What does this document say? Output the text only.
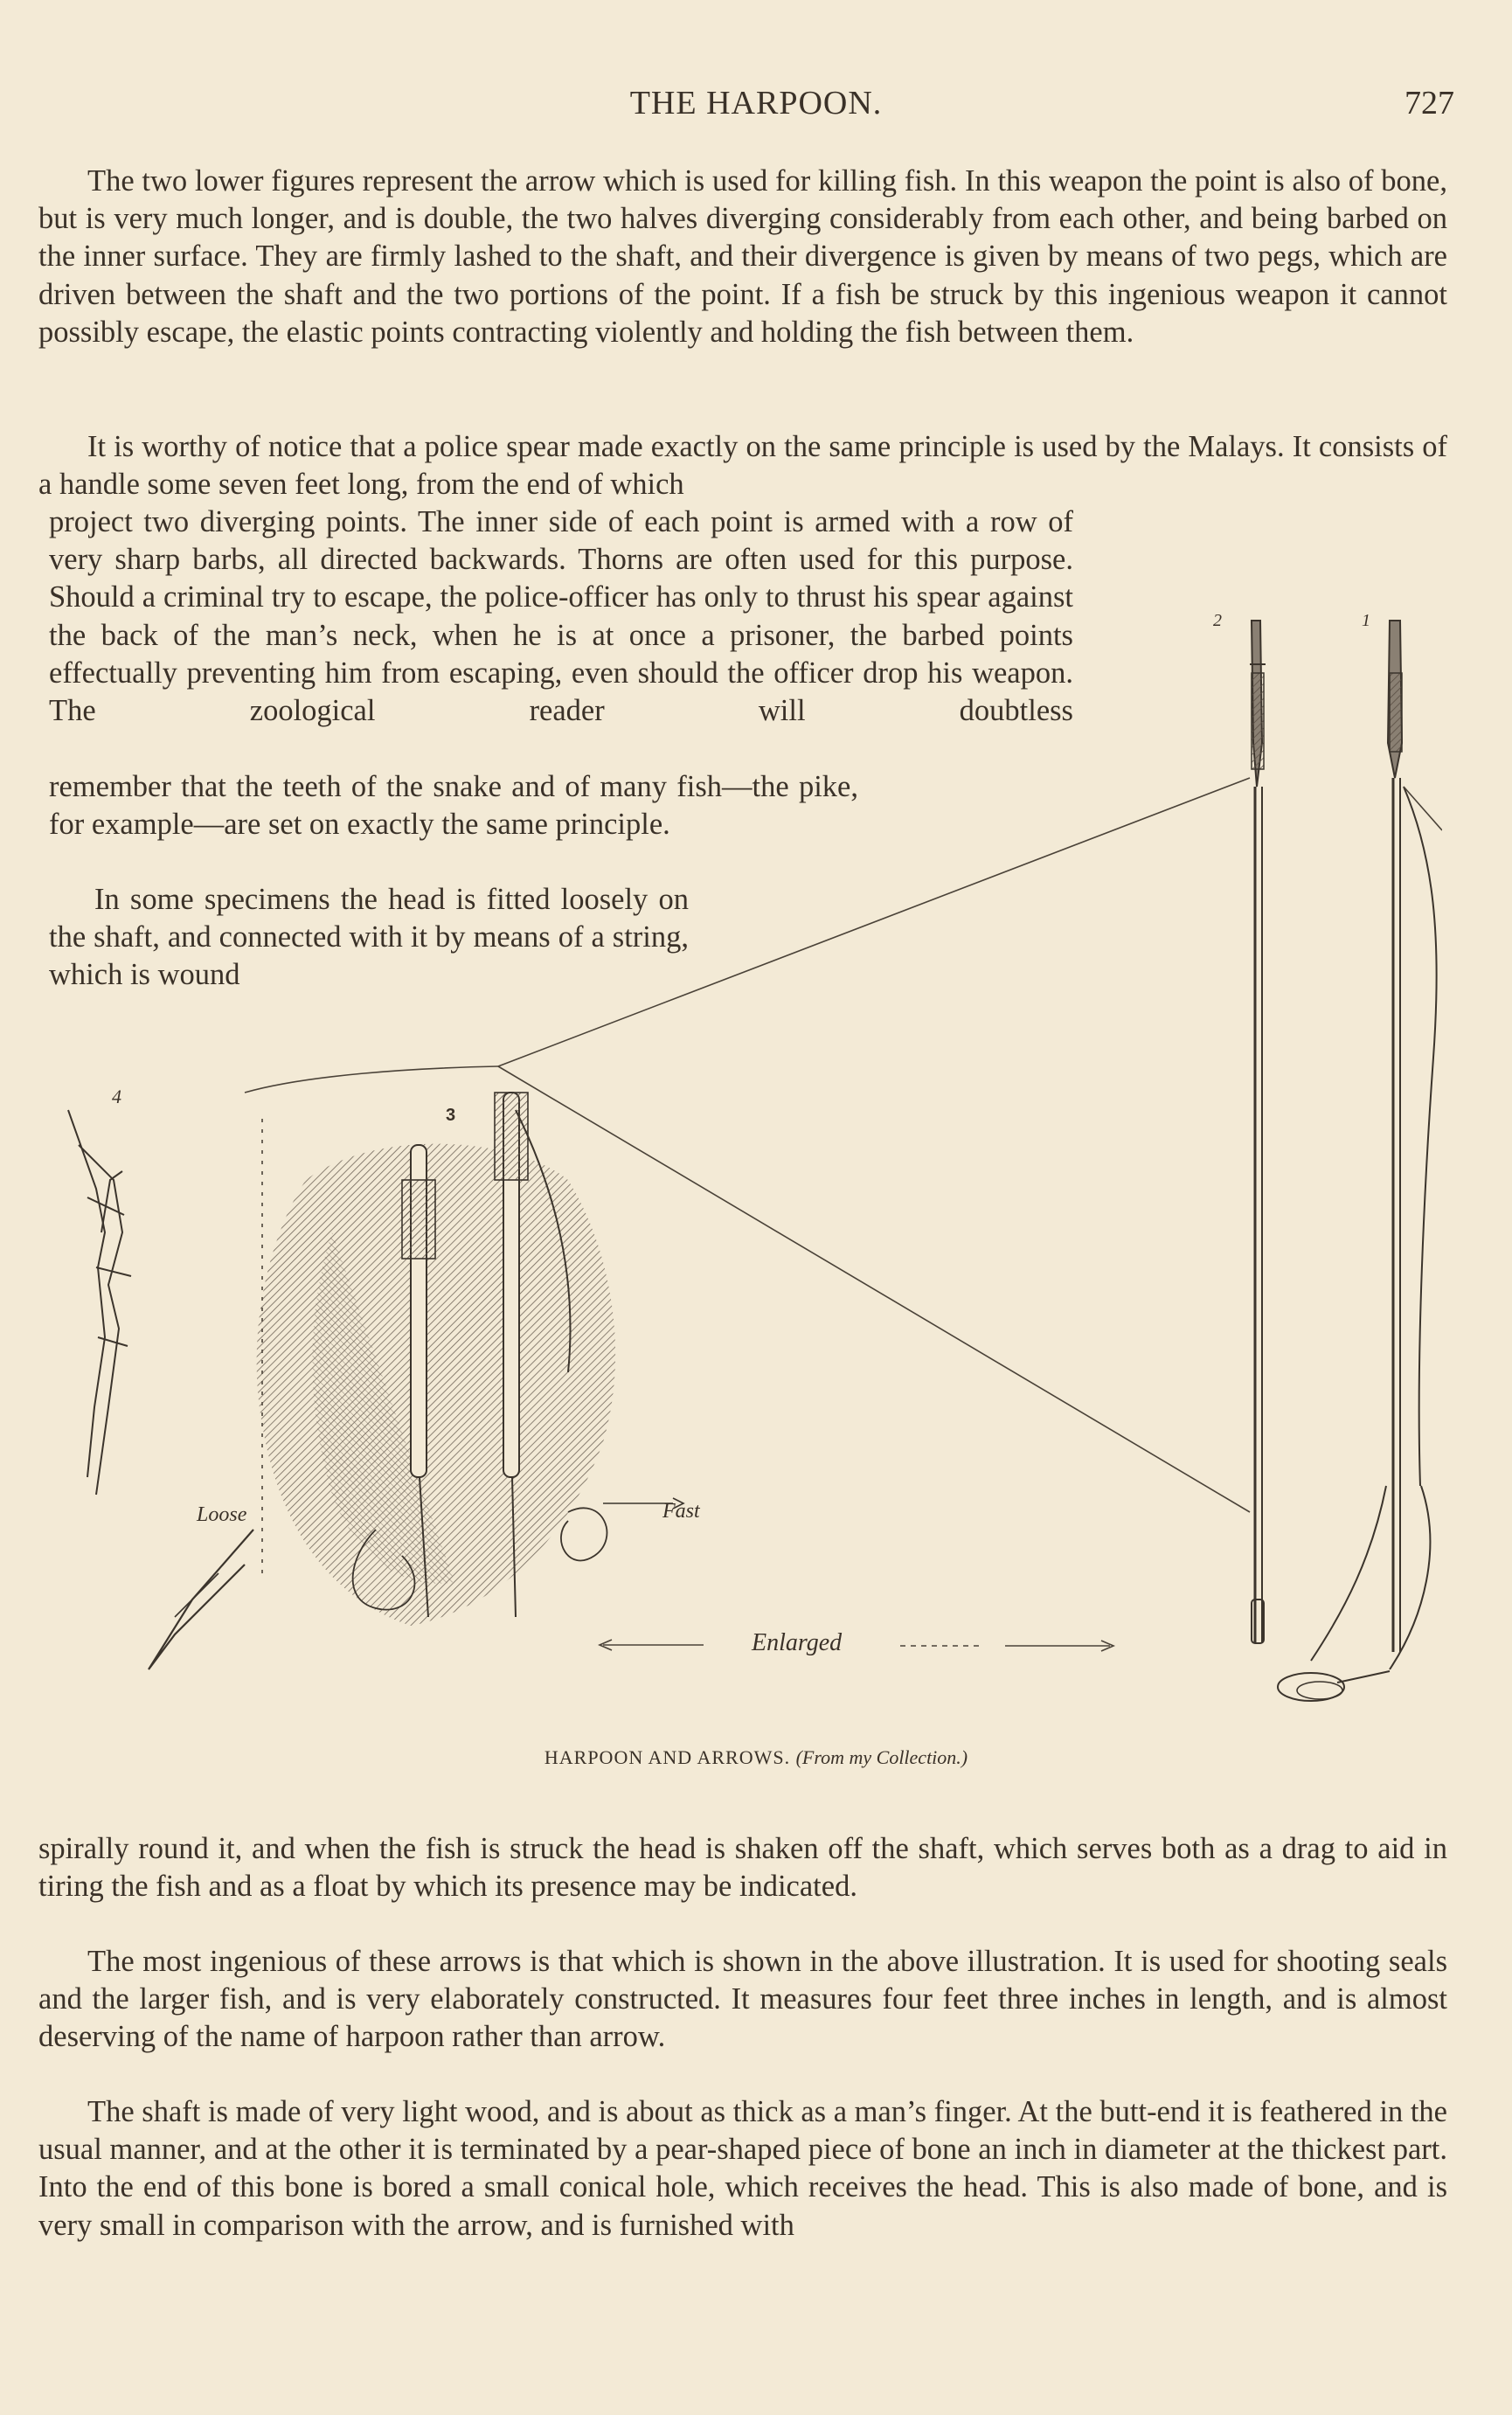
THE HARPOON.	727

The two lower figures represent the arrow which is used for killing fish. In this weapon the point is also of bone, but is very much longer, and is double, the two halves diverging considerably from each other, and being barbed on the inner surface. They are firmly lashed to the shaft, and their divergence is given by means of two pegs, which are driven between the shaft and the two portions of the point. If a fish be struck by this ingenious weapon it cannot possibly escape, the elastic points contracting violently and holding the fish between them.

It is worthy of notice that a police spear made exactly on the same principle is used by the Malays. It consists of a handle some seven feet long, from the end of which

project two diverging points. The inner side of each point is armed with a row of very sharp barbs, all directed backwards. Thorns are often used for this purpose. Should a criminal try to escape, the police-officer has only to thrust his spear against the back of the man’s neck, when he is at once a prisoner, the barbed points effectually preventing him from escaping, even should the officer drop his weapon. The zoological reader will doubtless

remember that the teeth of the snake and of many fish—the pike, for example—are set on exactly the same principle.

In some specimens the head is fitted loosely on the shaft, and connected with it by means of a string, which is wound

2	1
3
4
Loose	Fast
Enlarged
HARPOON AND ARROWS. (From my Collection.)

spirally round it, and when the fish is struck the head is shaken off the shaft, which serves both as a drag to aid in tiring the fish and as a float by which its presence may be indicated.

The most ingenious of these arrows is that which is shown in the above illustration. It is used for shooting seals and the larger fish, and is very elaborately constructed. It measures four feet three inches in length, and is almost deserving of the name of harpoon rather than arrow.

The shaft is made of very light wood, and is about as thick as a man’s finger. At the butt-end it is feathered in the usual manner, and at the other it is terminated by a pear-shaped piece of bone an inch in diameter at the thickest part. Into the end of this bone is bored a small conical hole, which receives the head. This is also made of bone, and is very small in comparison with the arrow, and is furnished with
